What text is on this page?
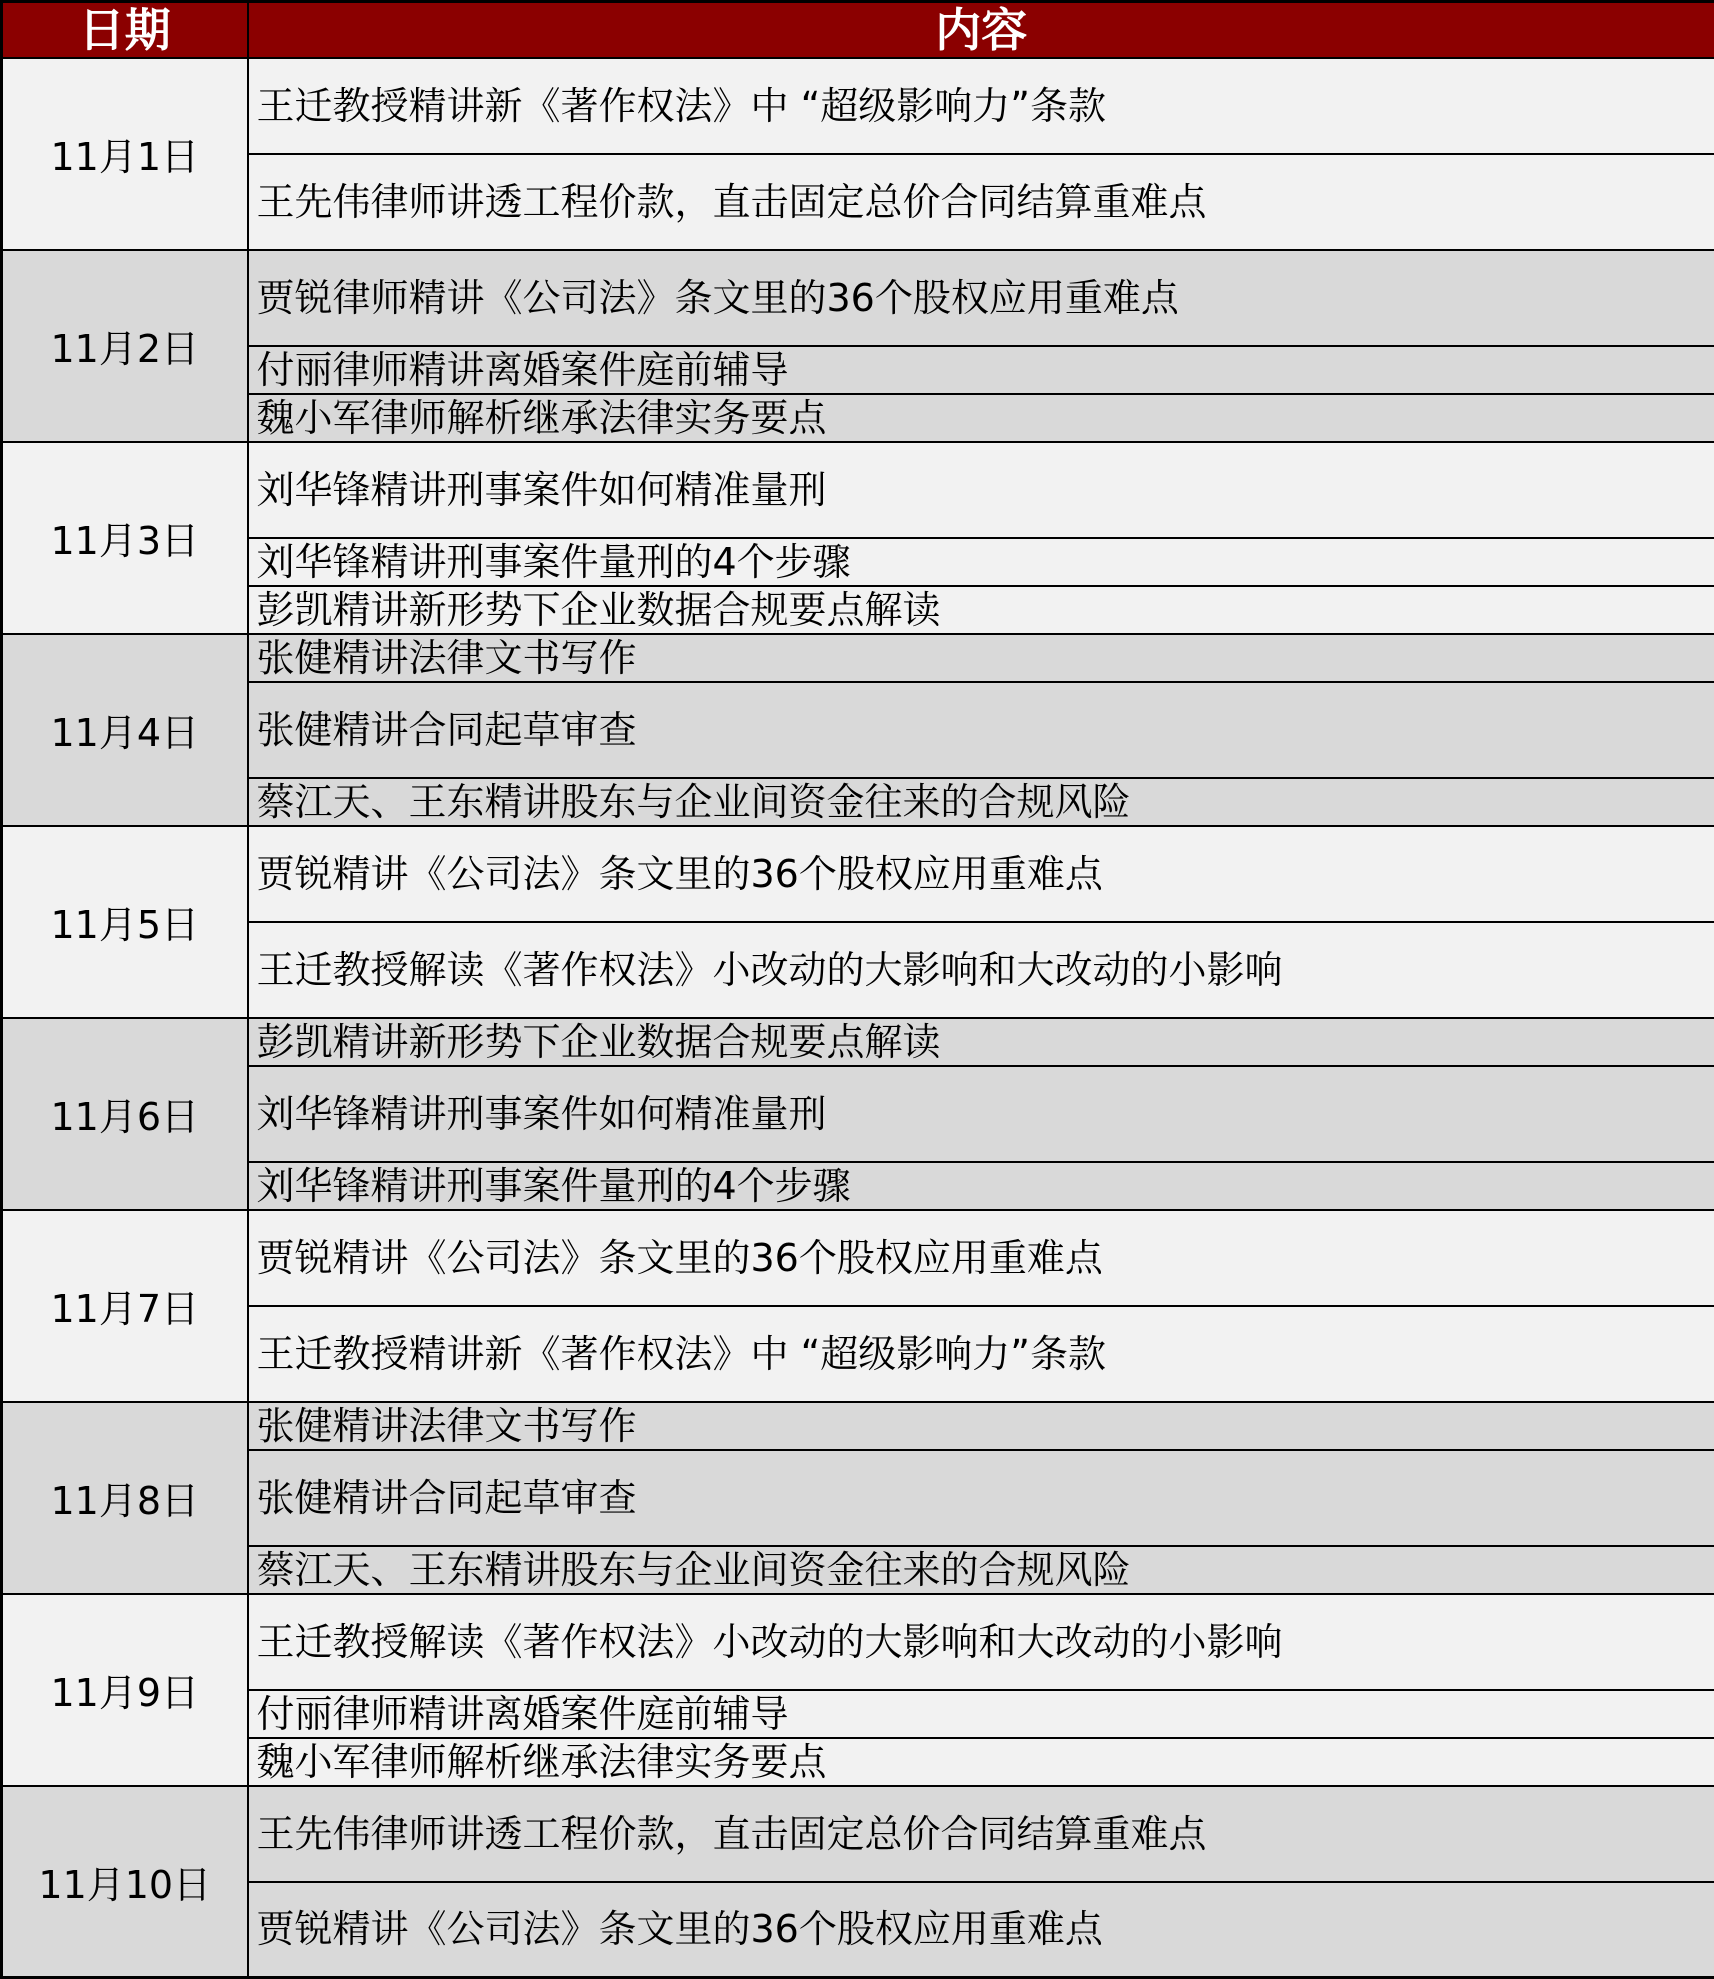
日期	内容
11月1日	王迁教授精讲新《著作权法》中 “超级影响力”条款
	王先伟律师讲透工程价款，直击固定总价合同结算重难点
11月2日	贾锐律师精讲《公司法》条文里的36个股权应用重难点
	付丽律师精讲离婚案件庭前辅导
	魏小军律师解析继承法律实务要点
11月3日	刘华锋精讲刑事案件如何精准量刑
	刘华锋精讲刑事案件量刑的4个步骤
	彭凯精讲新形势下企业数据合规要点解读
11月4日	张健精讲法律文书写作
	张健精讲合同起草审查
	蔡江天、王东精讲股东与企业间资金往来的合规风险
11月5日	贾锐精讲《公司法》条文里的36个股权应用重难点
	王迁教授解读《著作权法》小改动的大影响和大改动的小影响
11月6日	彭凯精讲新形势下企业数据合规要点解读
	刘华锋精讲刑事案件如何精准量刑
	刘华锋精讲刑事案件量刑的4个步骤
11月7日	贾锐精讲《公司法》条文里的36个股权应用重难点
	王迁教授精讲新《著作权法》中 “超级影响力”条款
11月8日	张健精讲法律文书写作
	张健精讲合同起草审查
	蔡江天、王东精讲股东与企业间资金往来的合规风险
11月9日	王迁教授解读《著作权法》小改动的大影响和大改动的小影响
	付丽律师精讲离婚案件庭前辅导
	魏小军律师解析继承法律实务要点
11月10日	王先伟律师讲透工程价款，直击固定总价合同结算重难点
	贾锐精讲《公司法》条文里的36个股权应用重难点
